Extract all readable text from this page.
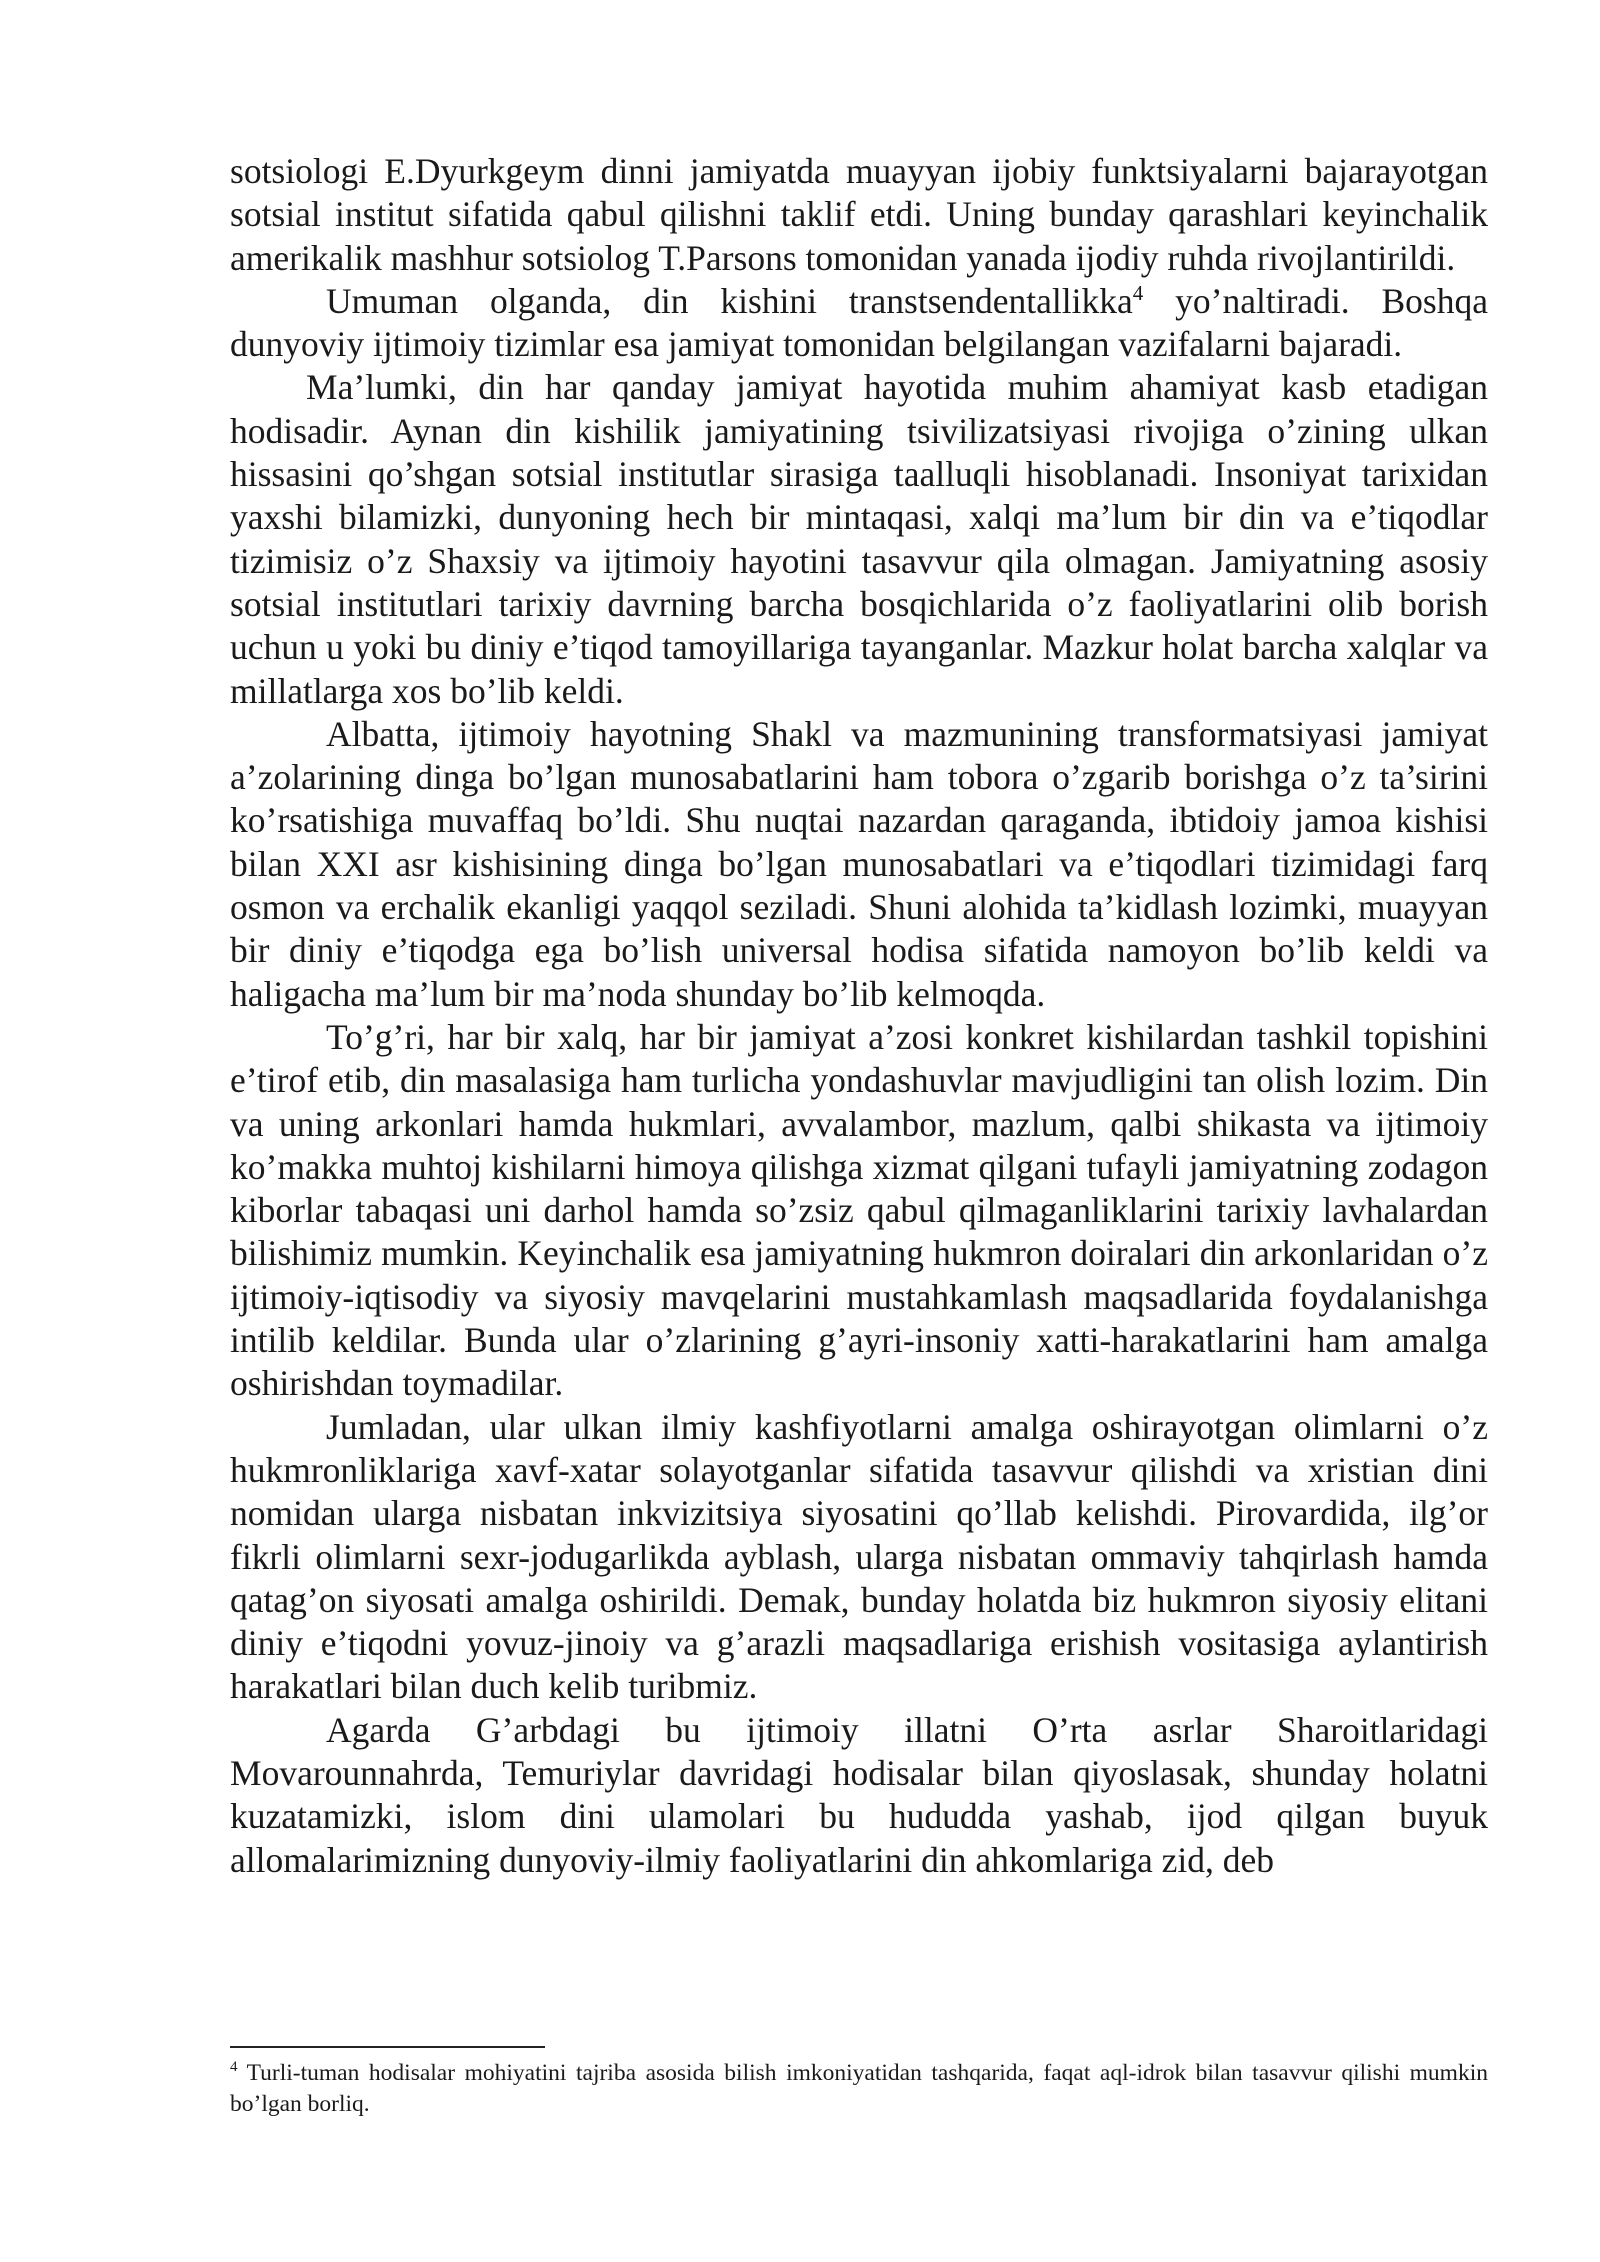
sotsiologi E.Dyurkgeym dinni jamiyatda muayyan ijobiy funktsiyalarni bajarayotgan sotsial institut sifatida qabul qilishni taklif etdi. Uning bunday qarashlari keyinchalik amerikalik mashhur sotsiolog T.Parsons tomonidan yanada ijodiy ruhda rivojlantirildi.

Umuman olganda, din kishini transtsendentallikka$^4$ yo’naltiradi. Boshqa dunyoviy ijtimoiy tizimlar esa jamiyat tomonidan belgilangan vazifalarni bajaradi.

Ma’lumki, din har qanday jamiyat hayotida muhim ahamiyat kasb etadigan hodisadir. Aynan din kishilik jamiyatining tsivilizatsiyasi rivojiga o’zining ulkan hissasini qo’shgan sotsial institutlar sirasiga taalluqli hisoblanadi. Insoniyat tarixidan yaxshi bilamizki, dunyoning hech bir mintaqasi, xalqi ma’lum bir din va e’tiqodlar tizimisiz o’z Shaxsiy va ijtimoiy hayotini tasavvur qila olmagan. Jamiyatning asosiy sotsial institutlari tarixiy davrning barcha bosqichlarida o’z faoliyatlarini olib borish uchun u yoki bu diniy e’tiqod tamoyillariga tayanganlar. Mazkur holat barcha xalqlar va millatlarga xos bo’lib keldi.

Albatta, ijtimoiy hayotning Shakl va mazmunining transformatsiyasi jamiyat a’zolarining dinga bo’lgan munosabatlarini ham tobora o’zgarib borishga o’z ta’sirini ko’rsatishiga muvaffaq bo’ldi. Shu nuqtai nazardan qaraganda, ibtidoiy jamoa kishisi bilan XXI asr kishisining dinga bo’lgan munosabatlari va e’tiqodlari tizimidagi farq osmon va erchalik ekanligi yaqqol seziladi. Shuni alohida ta’kidlash lozimki, muayyan bir diniy e’tiqodga ega bo’lish universal hodisa sifatida namoyon bo’lib keldi va haligacha ma’lum bir ma’noda shunday bo’lib kelmoqda.

To’g’ri, har bir xalq, har bir jamiyat a’zosi konkret kishilardan tashkil topishini e’tirof etib, din masalasiga ham turlicha yondashuvlar mavjudligini tan olish lozim. Din va uning arkonlari hamda hukmlari, avvalambor, mazlum, qalbi shikasta va ijtimoiy ko’makka muhtoj kishilarni himoya qilishga xizmat qilgani tufayli jamiyatning zodagon kiborlar tabaqasi uni darhol hamda so’zsiz qabul qilmaganliklarini tarixiy lavhalardan bilishimiz mumkin. Keyinchalik esa jamiyatning hukmron doiralari din arkonlaridan o’z ijtimoiy-iqtisodiy va siyosiy mavqelarini mustahkamlash maqsadlarida foydalanishga intilib keldilar. Bunda ular o’zlarining g’ayri-insoniy xatti-harakatlarini ham amalga oshirishdan toymadilar.

Jumladan, ular ulkan ilmiy kashfiyotlarni amalga oshirayotgan olimlarni o’z hukmronliklariga xavf-xatar solayotganlar sifatida tasavvur qilishdi va xristian dini nomidan ularga nisbatan inkvizitsiya siyosatini qo’llab kelishdi. Pirovardida, ilg’or fikrli olimlarni sexr-jodugarlikda ayblash, ularga nisbatan ommaviy tahqirlash hamda qatag’on siyosati amalga oshirildi. Demak, bunday holatda biz hukmron siyosiy elitani diniy e’tiqodni yovuz-jinoiy va g’arazli maqsadlariga erishish vositasiga aylantirish harakatlari bilan duch kelib turibmiz.

Agarda G’arbdagi bu ijtimoiy illatni O’rta asrlar Sharoitlaridagi Movarounnahrda, Temuriylar davridagi hodisalar bilan qiyoslasak, shunday holatni kuzatamizki, islom dini ulamolari bu hududda yashab, ijod qilgan buyuk allomalarimizning dunyoviy-ilmiy faoliyatlarini din ahkomlariga zid, deb

$^4$ Turli-tuman hodisalar mohiyatini tajriba asosida bilish imkoniyatidan tashqarida, faqat aql-idrok bilan tasavvur qilishi mumkin bo’lgan borliq.
